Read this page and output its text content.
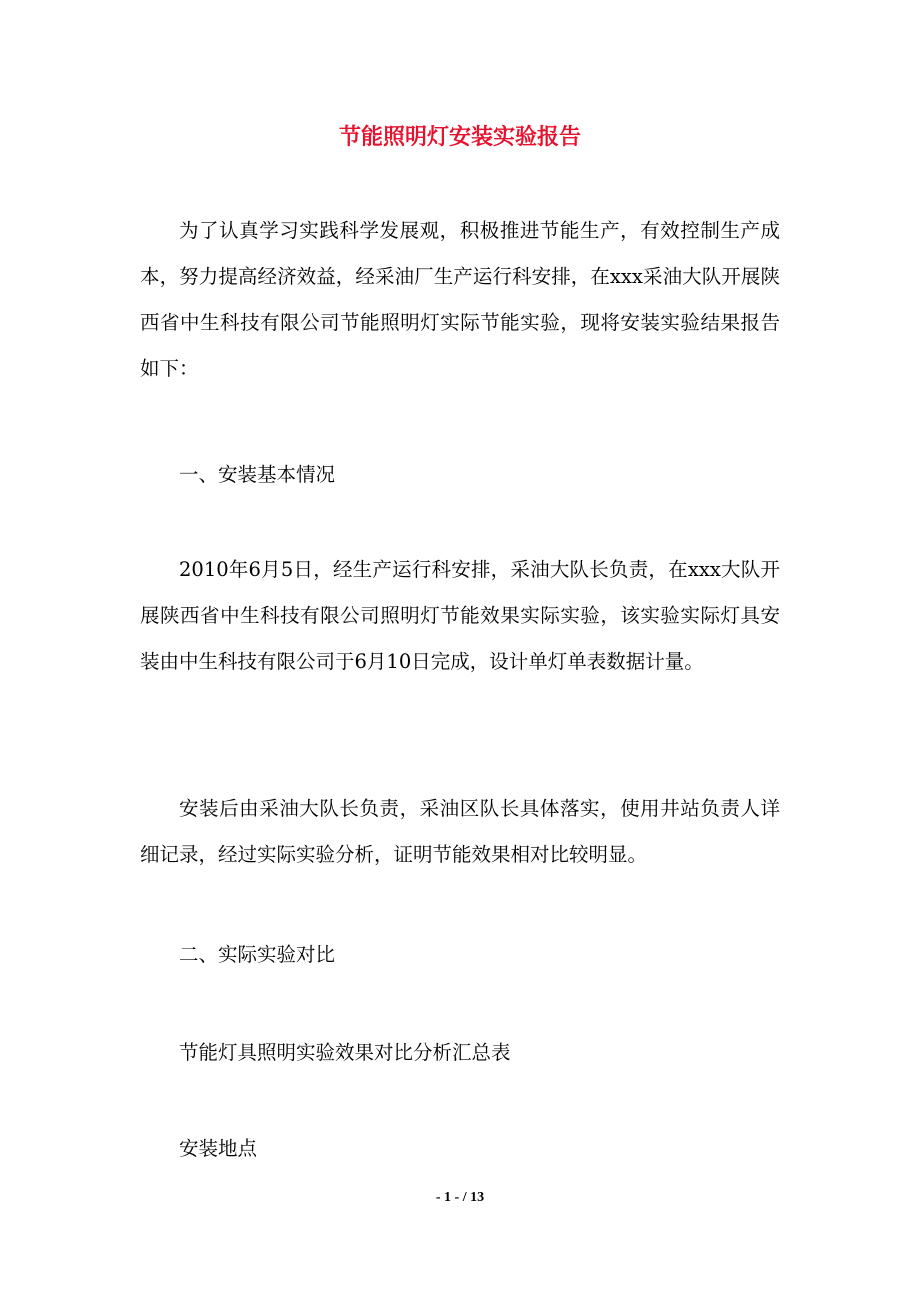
节能照明灯安装实验报告

为了认真学习实践科学发展观，积极推进节能生产，有效控制生产成本，努力提高经济效益，经采油厂生产运行科安排，在xxx采油大队开展陕西省中生科技有限公司节能照明灯实际节能实验，现将安装实验结果报告如下：

一、安装基本情况

2010年6月5日，经生产运行科安排，采油大队长负责，在xxx大队开展陕西省中生科技有限公司照明灯节能效果实际实验，该实验实际灯具安装由中生科技有限公司于6月10日完成，设计单灯单表数据计量。

安装后由采油大队长负责，采油区队长具体落实，使用井站负责人详细记录，经过实际实验分析，证明节能效果相对比较明显。

二、实际实验对比

节能灯具照明实验效果对比分析汇总表

安装地点

- 1 - / 13
